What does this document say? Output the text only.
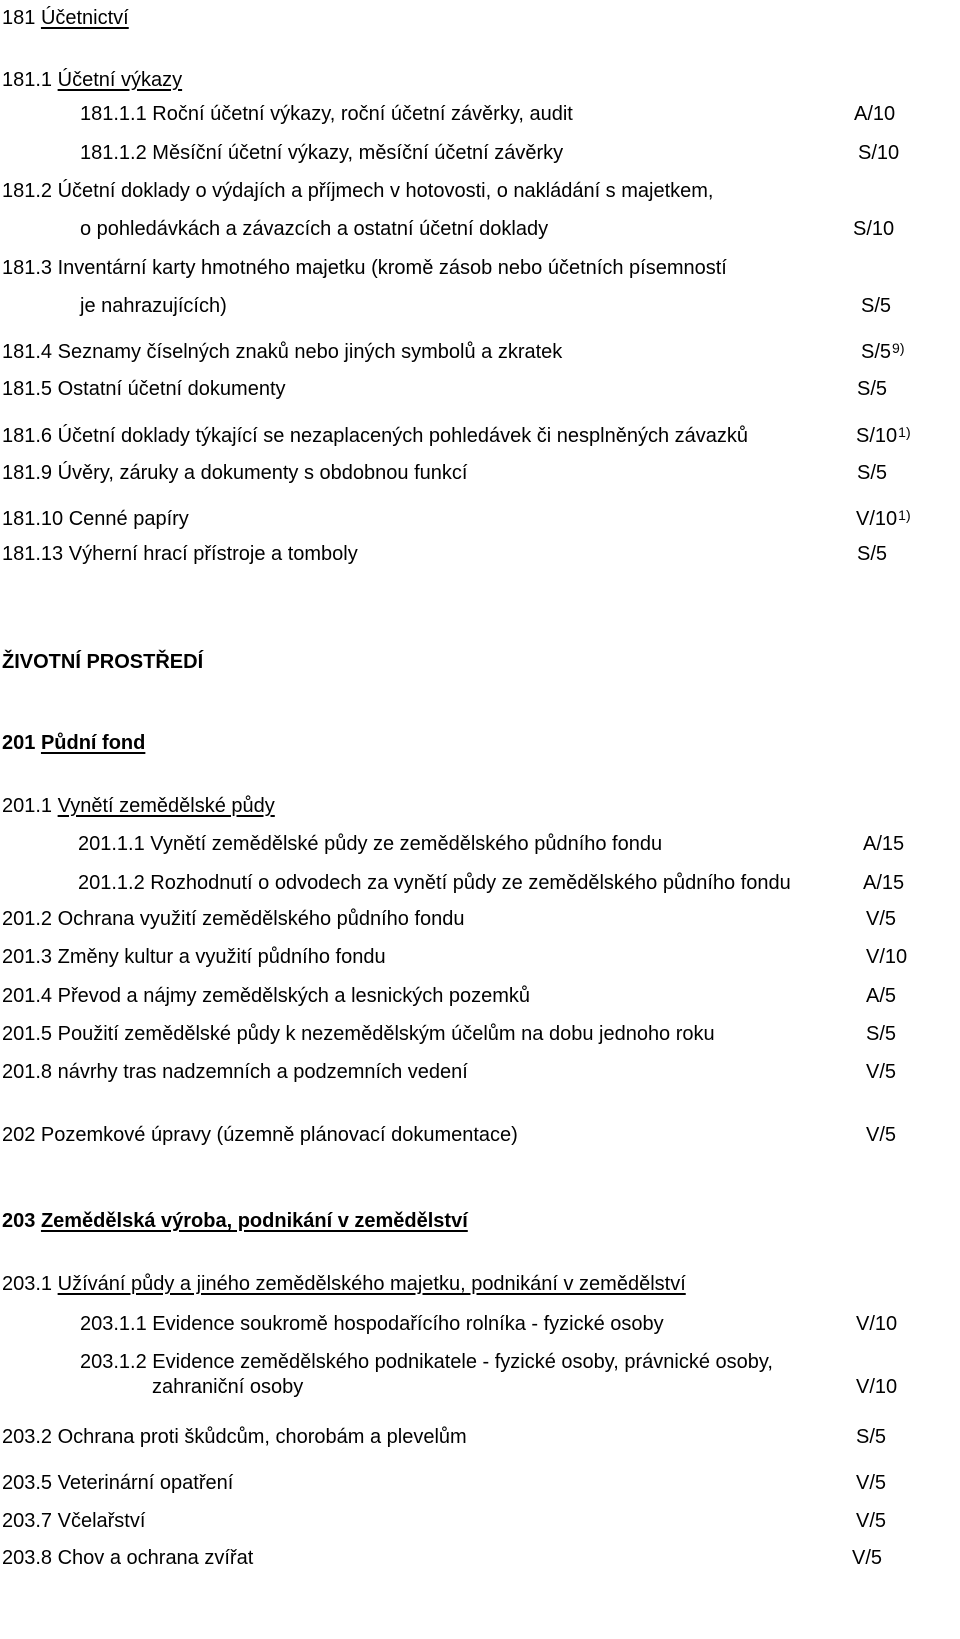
181 Účetnictví
181.1 Účetní výkazy
181.1.1 Roční účetní výkazy, roční účetní závěrky, audit	A/10
181.1.2 Měsíční účetní výkazy, měsíční účetní závěrky	S/10
181.2 Účetní doklady o výdajích a příjmech v hotovosti, o nakládání s majetkem,
o pohledávkách a závazcích a ostatní účetní doklady	S/10
181.3 Inventární karty hmotného majetku (kromě zásob nebo účetních písemností
je nahrazujících)	S/5
181.4 Seznamy číselných znaků nebo jiných symbolů a zkratek	S/5$^{9)}$
181.5 Ostatní účetní dokumenty	S/5
181.6 Účetní doklady týkající se nezaplacených pohledávek či nesplněných závazků	S/10$^{1)}$
181.9 Úvěry, záruky a dokumenty s obdobnou funkcí	S/5
181.10 Cenné papíry	V/10$^{1)}$
181.13 Výherní hrací přístroje a tomboly	S/5
ŽIVOTNÍ PROSTŘEDÍ
201 Půdní fond
201.1 Vynětí zemědělské půdy
201.1.1 Vynětí zemědělské půdy ze zemědělského půdního fondu	A/15
201.1.2 Rozhodnutí o odvodech za vynětí půdy ze zemědělského půdního fondu	A/15
201.2 Ochrana využití zemědělského půdního fondu	V/5
201.3 Změny kultur a využití půdního fondu	V/10
201.4 Převod a nájmy zemědělských a lesnických pozemků	A/5
201.5 Použití zemědělské půdy k nezemědělským účelům na dobu jednoho roku	S/5
201.8 návrhy tras nadzemních a podzemních vedení	V/5
202 Pozemkové úpravy (územně plánovací dokumentace)	V/5
203 Zemědělská výroba, podnikání v zemědělství
203.1 Užívání půdy a jiného zemědělského majetku, podnikání v zemědělství
203.1.1 Evidence soukromě hospodařícího rolníka - fyzické osoby	V/10
203.1.2 Evidence zemědělského podnikatele - fyzické osoby, právnické osoby,
zahraniční osoby	V/10
203.2 Ochrana proti škůdcům, chorobám a plevelům	S/5
203.5 Veterinární opatření	V/5
203.7 Včelařství	V/5
203.8 Chov a ochrana zvířat	V/5
